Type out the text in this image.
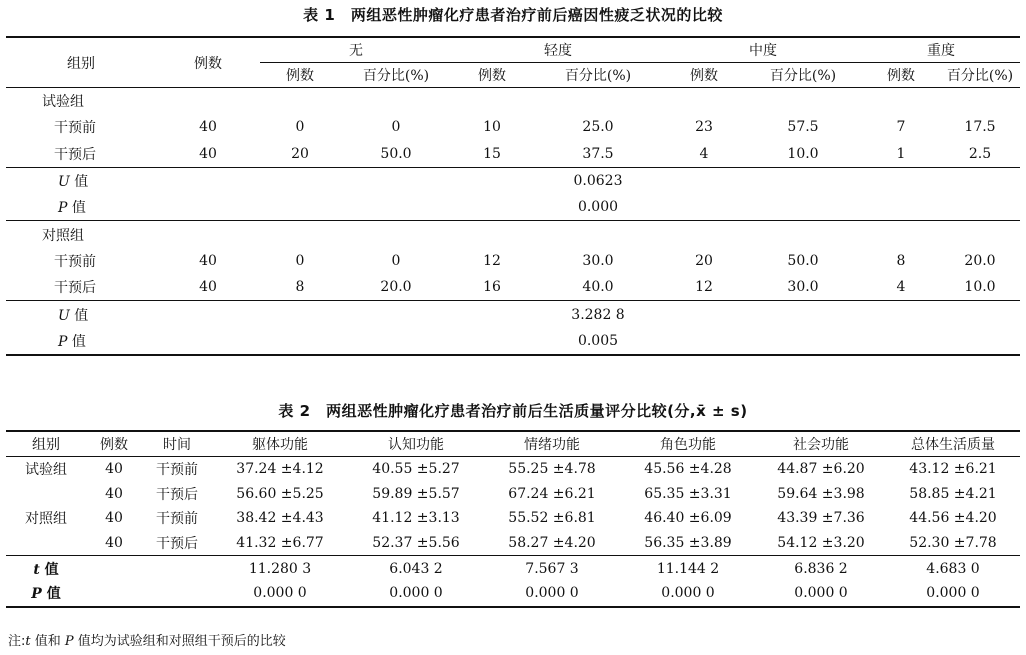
表 1　两组恶性肿瘤化疗患者治疗前后癌因性疲乏状况的比较
组别	例数	无		轻度		中度		重度	
		例数	百分比(%)	例数	百分比(%)	例数	百分比(%)	例数	百分比(%)
试验组									
干预前	40	0	0	10	25.0	23	57.5	7	17.5
干预后	40	20	50.0	15	37.5	4	10.0	1	2.5
U 值					0.0623				
P 值					0.000				
对照组									
干预前	40	0	0	12	30.0	20	50.0	8	20.0
干预后	40	8	20.0	16	40.0	12	30.0	4	10.0
U 值					3.282 8				
P 值					0.005				
表 2　两组恶性肿瘤化疗患者治疗前后生活质量评分比较(分,x̄ ± s)
组别	例数	时间	躯体功能	认知功能	情绪功能	角色功能	社会功能	总体生活质量
试验组	40	干预前	37.24 ±4.12	40.55 ±5.27	55.25 ±4.78	45.56 ±4.28	44.87 ±6.20	43.12 ±6.21
	40	干预后	56.60 ±5.25	59.89 ±5.57	67.24 ±6.21	65.35 ±3.31	59.64 ±3.98	58.85 ±4.21
对照组	40	干预前	38.42 ±4.43	41.12 ±3.13	55.52 ±6.81	46.40 ±6.09	43.39 ±7.36	44.56 ±4.20
	40	干预后	41.32 ±6.77	52.37 ±5.56	58.27 ±4.20	56.35 ±3.89	54.12 ±3.20	52.30 ±7.78
t 值			11.280 3	6.043 2	7.567 3	11.144 2	6.836 2	4.683 0
P 值			0.000 0	0.000 0	0.000 0	0.000 0	0.000 0	0.000 0
注:t 值和 P 值均为试验组和对照组干预后的比较
